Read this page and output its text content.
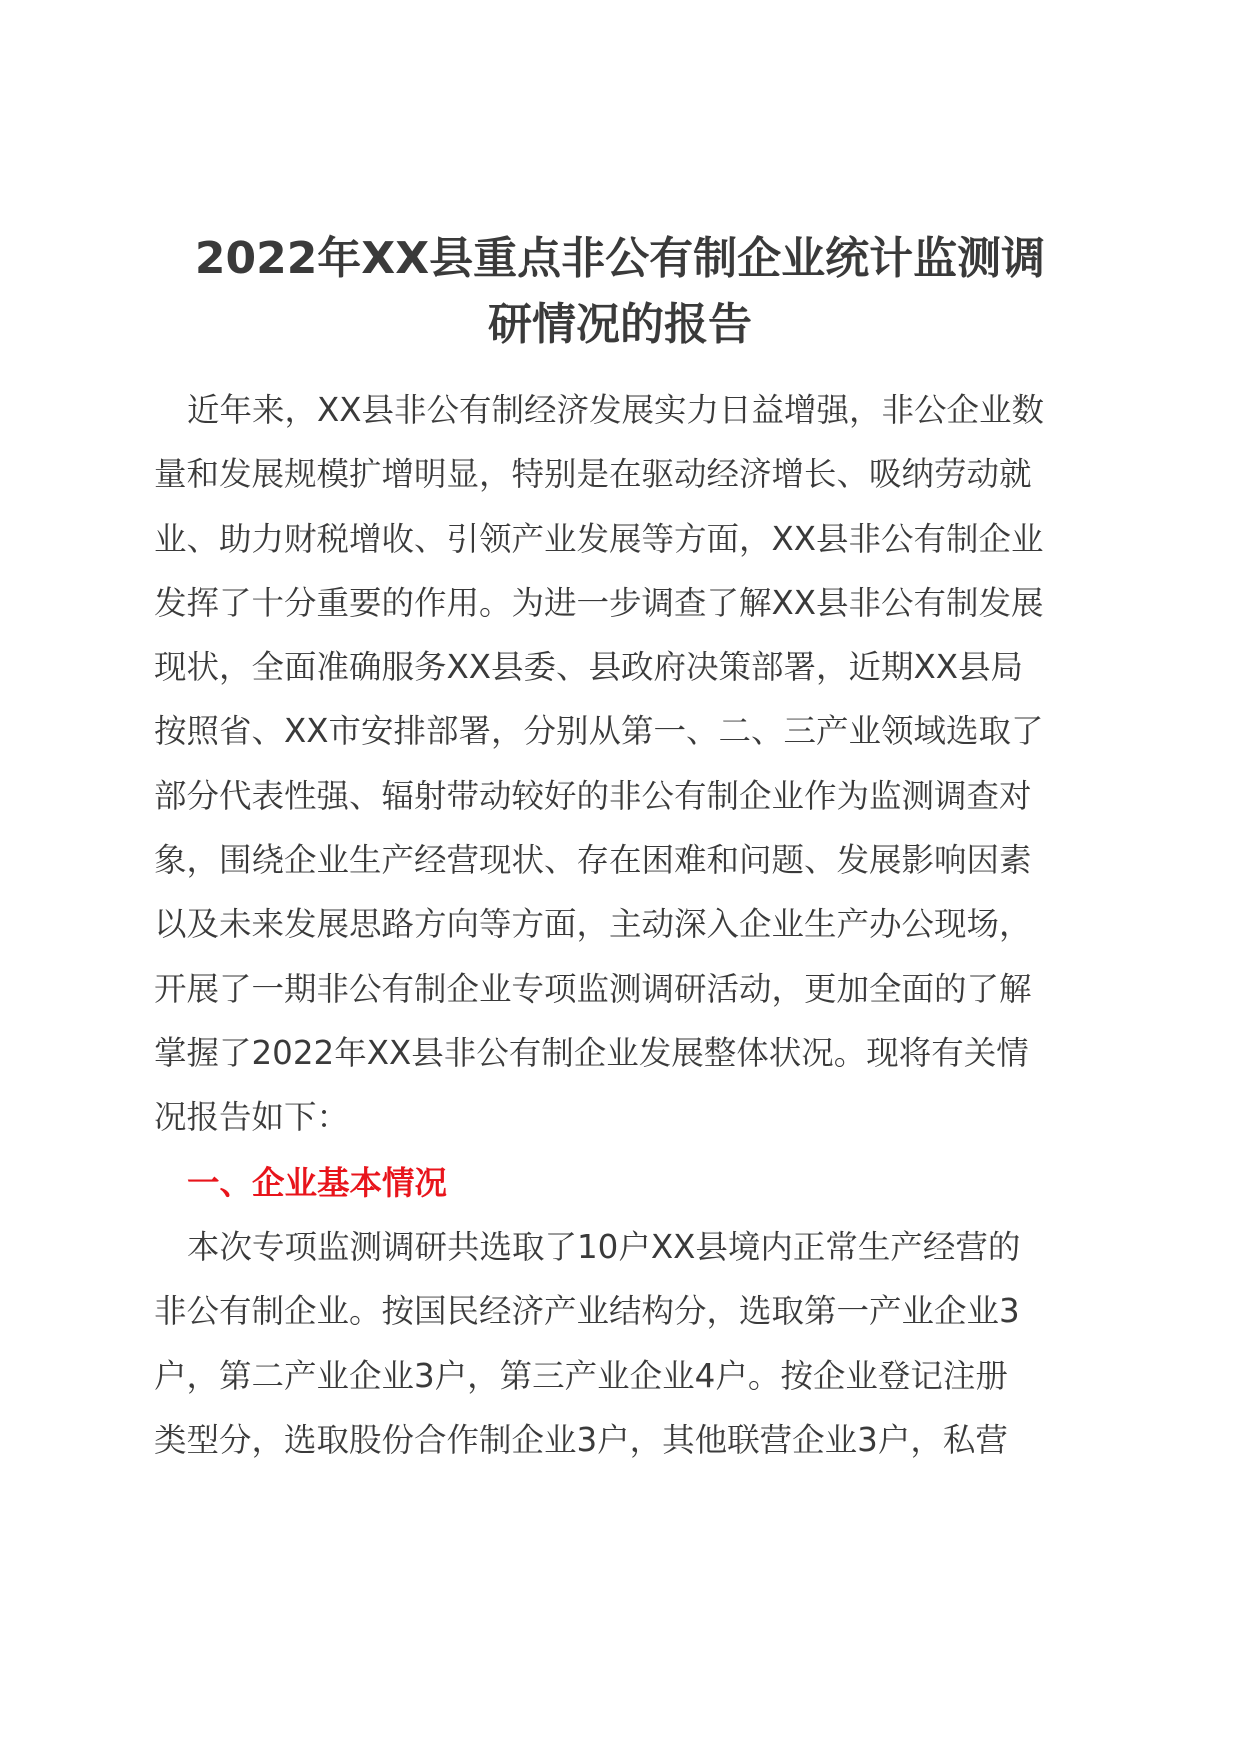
2022年XX县重点非公有制企业统计监测调
研情况的报告
近年来，XX县非公有制经济发展实力日益增强，非公企业数
量和发展规模扩增明显，特别是在驱动经济增长、吸纳劳动就
业、助力财税增收、引领产业发展等方面，XX县非公有制企业
发挥了十分重要的作用。为进一步调查了解XX县非公有制发展
现状，全面准确服务XX县委、县政府决策部署，近期XX县局
按照省、XX市安排部署，分别从第一、二、三产业领域选取了
部分代表性强、辐射带动较好的非公有制企业作为监测调查对
象，围绕企业生产经营现状、存在困难和问题、发展影响因素
以及未来发展思路方向等方面，主动深入企业生产办公现场，
开展了一期非公有制企业专项监测调研活动，更加全面的了解
掌握了2022年XX县非公有制企业发展整体状况。现将有关情
况报告如下：
一、企业基本情况
本次专项监测调研共选取了10户XX县境内正常生产经营的
非公有制企业。按国民经济产业结构分，选取第一产业企业3
户，第二产业企业3户，第三产业企业4户。按企业登记注册
类型分，选取股份合作制企业3户，其他联营企业3户，私营
